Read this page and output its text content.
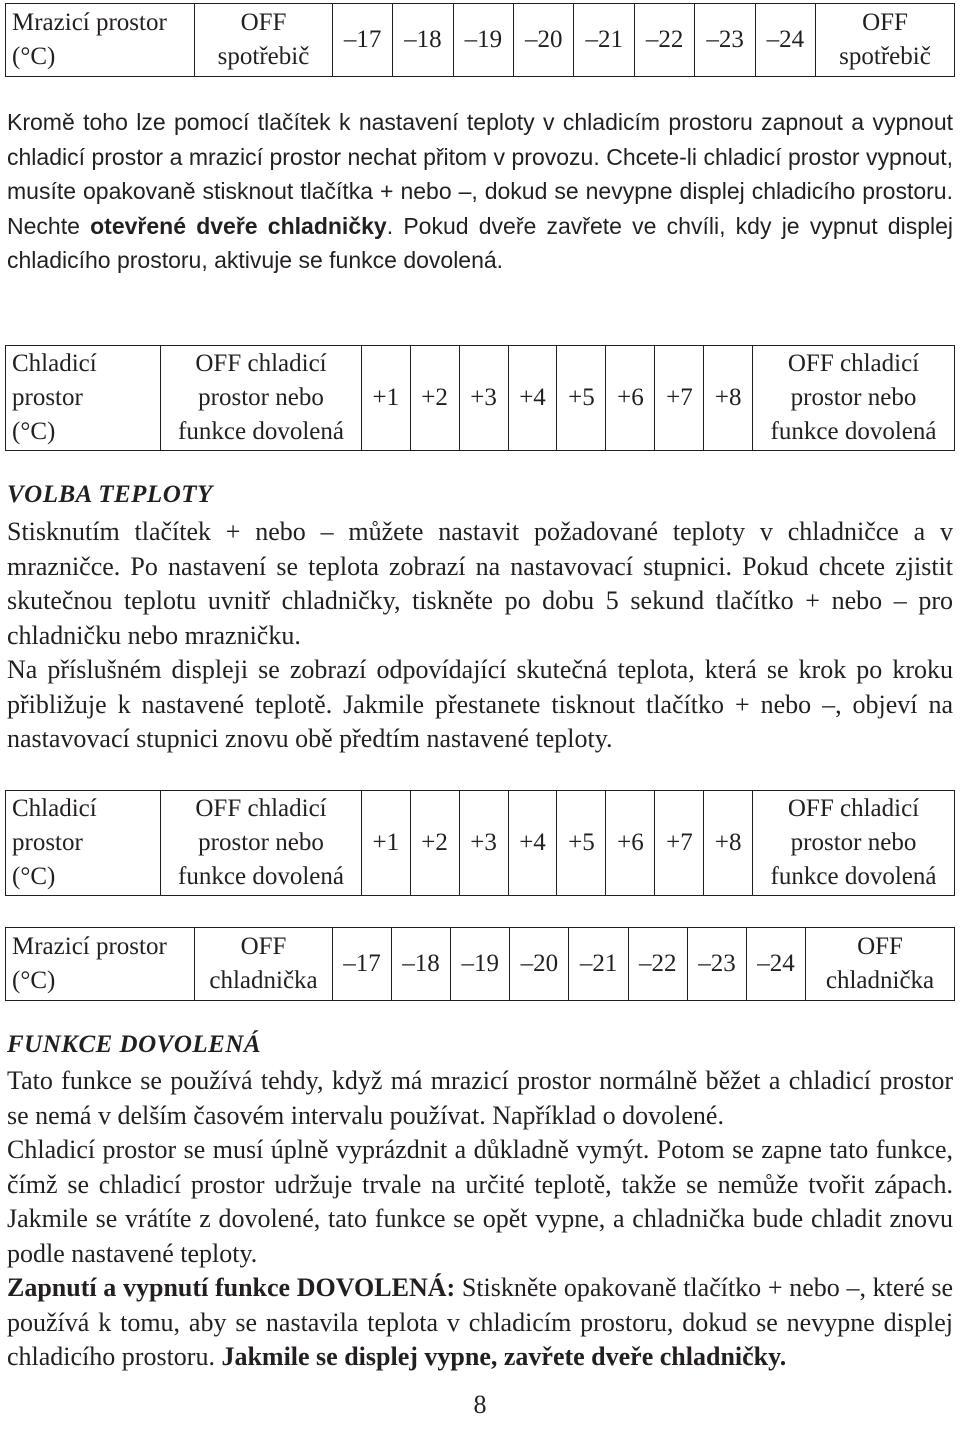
Mrazicí prostor
(°C)

OFF
spotřebič

–17	–18	–19	–20	–21	–22	–23	–24

OFF
spotřebič

Kromě toho lze pomocí tlačítek k nastavení teploty v chladicím prostoru zapnout a vypnout chladicí prostor a mrazicí prostor nechat přitom v provozu. Chcete-li chladicí prostor vypnout, musíte opakovaně stisknout tlačítka + nebo –, dokud se nevypne displej chladicího prostoru. Nechte otevřené dveře chladničky. Pokud dveře zavřete ve chvíli, kdy je vypnut displej chladicího prostoru, aktivuje se funkce dovolená.

Chladicí
prostor
(°C)

OFF chladicí
prostor nebo
funkce dovolená

+1	+2	+3	+4	+5	+6	+7	+8

OFF chladicí
prostor nebo
funkce dovolená
VOLBA TEPLOTY

Stisknutím tlačítek + nebo – můžete nastavit požadované teploty v chladničce a v mrazničce. Po nastavení se teplota zobrazí na nastavovací stupnici. Pokud chcete zjistit skutečnou teplotu uvnitř chladničky, tiskněte po dobu 5 sekund tlačítko + nebo – pro chladničku nebo mrazničku.

Na příslušném displeji se zobrazí odpovídající skutečná teplota, která se krok po kroku přibližuje k nastavené teplotě. Jakmile přestanete tisknout tlačítko + nebo –, objeví na nastavovací stupnici znovu obě předtím nastavené teploty.

Chladicí
prostor
(°C)

OFF chladicí
prostor nebo
funkce dovolená

+1	+2	+3	+4	+5	+6	+7	+8

OFF chladicí
prostor nebo
funkce dovolená
Mrazicí prostor
(°C)

OFF
chladnička

–17	–18	–19	–20	–21	–22	–23	–24

OFF
chladnička
FUNKCE DOVOLENÁ

Tato funkce se používá tehdy, když má mrazicí prostor normálně běžet a chladicí prostor se nemá v delším časovém intervalu používat. Například o dovolené.

Chladicí prostor se musí úplně vyprázdnit a důkladně vymýt. Potom se zapne tato funkce, čímž se chladicí prostor udržuje trvale na určité teplotě, takže se nemůže tvořit zápach. Jakmile se vrátíte z dovolené, tato funkce se opět vypne, a chladnička bude chladit znovu podle nastavené teploty.

Zapnutí a vypnutí funkce DOVOLENÁ: Stiskněte opakovaně tlačítko + nebo –, které se používá k tomu, aby se nastavila teplota v chladicím prostoru, dokud se nevypne displej chladicího prostoru. Jakmile se displej vypne, zavřete dveře chladničky.

8
